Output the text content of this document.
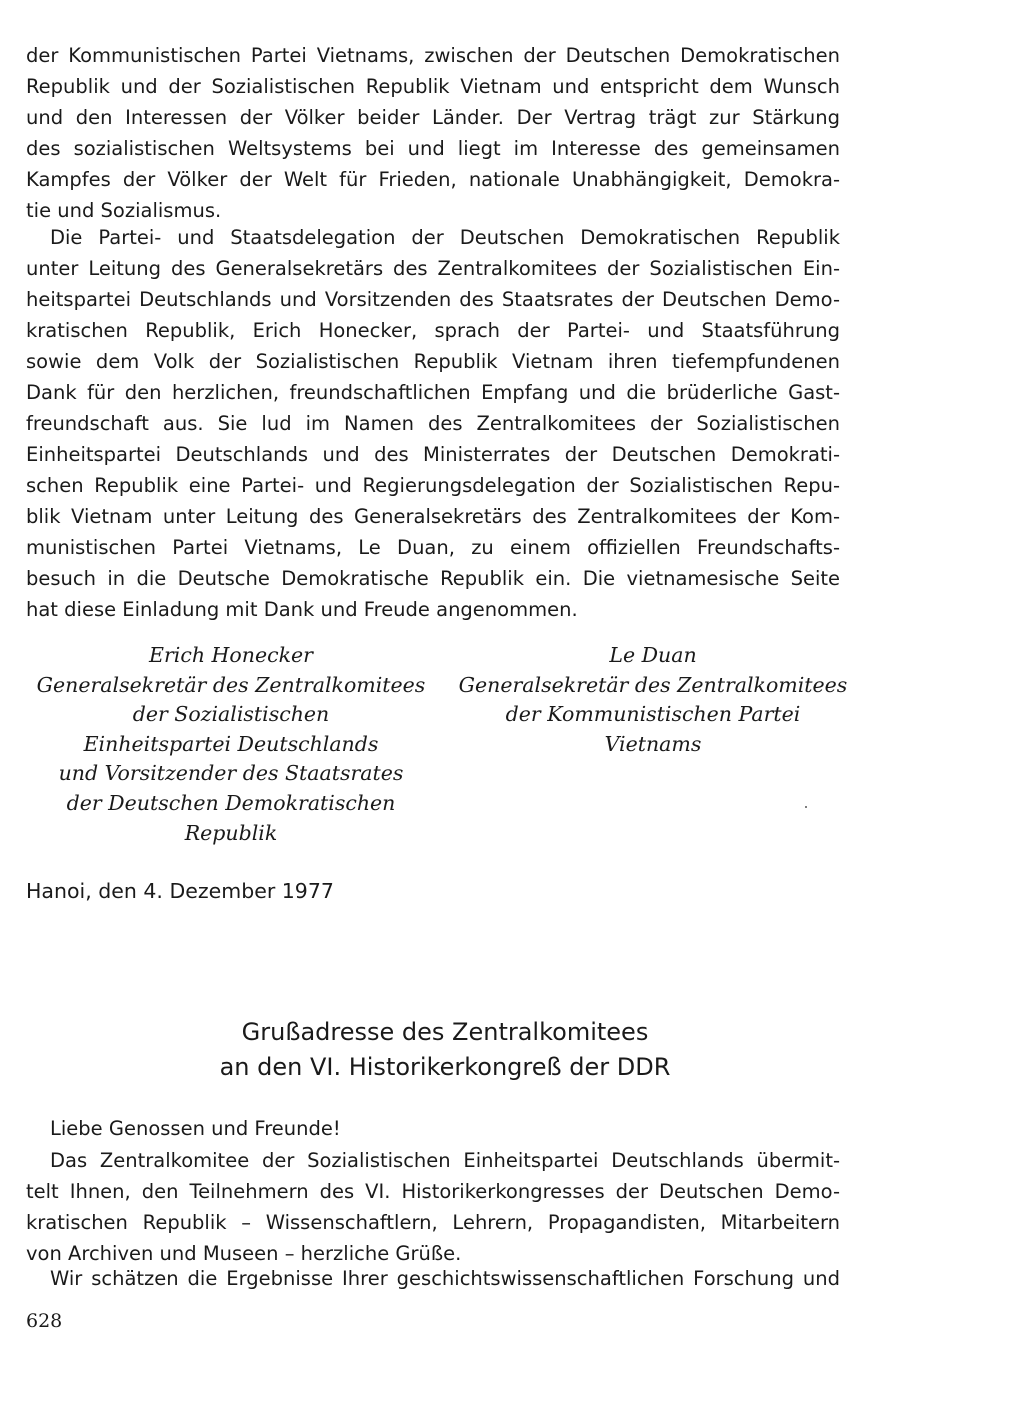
der Kommunistischen Partei Vietnams, zwischen der Deutschen Demokratischen
Republik und der Sozialistischen Republik Vietnam und entspricht dem Wunsch
und den Interessen der Völker beider Länder. Der Vertrag trägt zur Stärkung
des sozialistischen Weltsystems bei und liegt im Interesse des gemeinsamen
Kampfes der Völker der Welt für Frieden, nationale Unabhängigkeit, Demokra-
tie und Sozialismus.
Die Partei- und Staatsdelegation der Deutschen Demokratischen Republik
unter Leitung des Generalsekretärs des Zentralkomitees der Sozialistischen Ein-
heitspartei Deutschlands und Vorsitzenden des Staatsrates der Deutschen Demo-
kratischen Republik, Erich Honecker, sprach der Partei- und Staatsführung
sowie dem Volk der Sozialistischen Republik Vietnam ihren tiefempfundenen
Dank für den herzlichen, freundschaftlichen Empfang und die brüderliche Gast-
freundschaft aus. Sie lud im Namen des Zentralkomitees der Sozialistischen
Einheitspartei Deutschlands und des Ministerrates der Deutschen Demokrati-
schen Republik eine Partei- und Regierungsdelegation der Sozialistischen Repu-
blik Vietnam unter Leitung des Generalsekretärs des Zentralkomitees der Kom-
munistischen Partei Vietnams, Le Duan, zu einem offiziellen Freundschafts-
besuch in die Deutsche Demokratische Republik ein. Die vietnamesische Seite
hat diese Einladung mit Dank und Freude angenommen.
Erich Honecker
Generalsekretär des Zentralkomitees
der Sozialistischen
Einheitspartei Deutschlands
und Vorsitzender des Staatsrates
der Deutschen Demokratischen
Republik
Le Duan
Generalsekretär des Zentralkomitees
der Kommunistischen Partei
Vietnams
Hanoi, den 4. Dezember 1977
Grußadresse des Zentralkomitees
an den VI. Historikerkongreß der DDR
Liebe Genossen und Freunde!
Das Zentralkomitee der Sozialistischen Einheitspartei Deutschlands übermit-
telt Ihnen, den Teilnehmern des VI. Historikerkongresses der Deutschen Demo-
kratischen Republik – Wissenschaftlern, Lehrern, Propagandisten, Mitarbeitern
von Archiven und Museen – herzliche Grüße.
Wir schätzen die Ergebnisse Ihrer geschichtswissenschaftlichen Forschung und
628
